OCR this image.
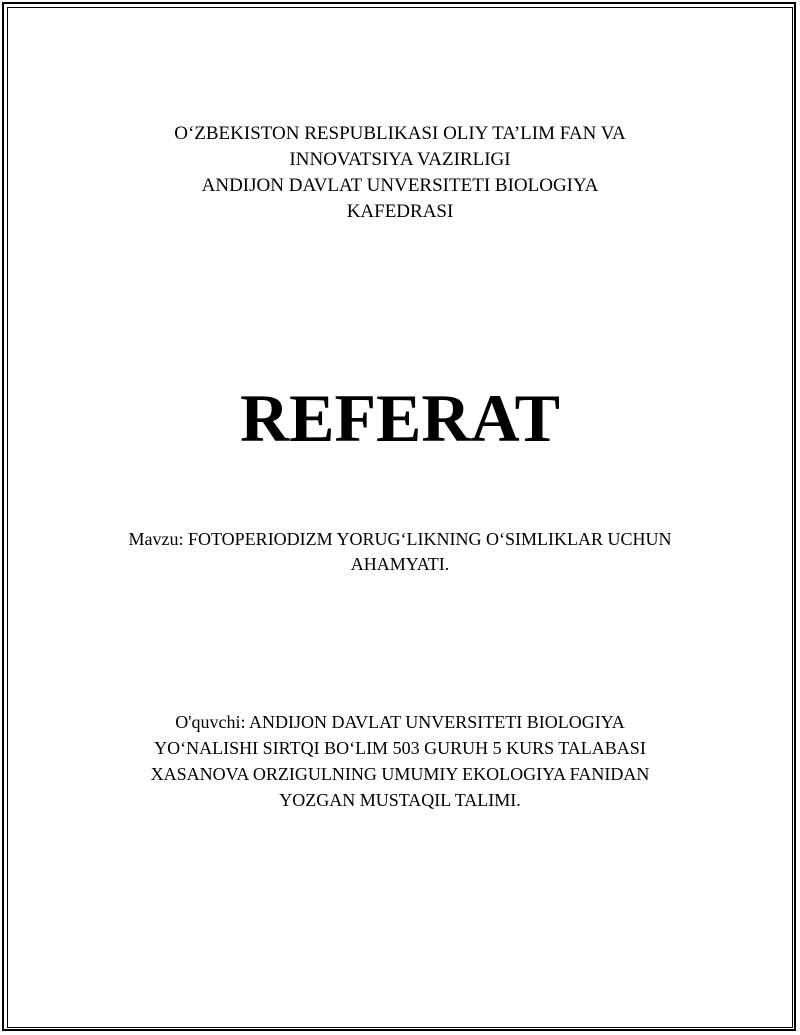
O‘ZBEKISTON RESPUBLIKASI OLIY TA’LIM FAN VA
INNOVATSIYA VAZIRLIGI
ANDIJON DAVLAT UNVERSITETI BIOLOGIYA
KAFEDRASI
REFERAT
Mavzu: FOTOPERIODIZM YORUG‘LIKNING O‘SIMLIKLAR UCHUN
AHAMYATI.
O'quvchi: ANDIJON DAVLAT UNVERSITETI BIOLOGIYA
YO‘NALISHI SIRTQI BO‘LIM 503 GURUH 5 KURS TALABASI
XASANOVA ORZIGULNING UMUMIY EKOLOGIYA FANIDAN
YOZGAN MUSTAQIL TALIMI.
